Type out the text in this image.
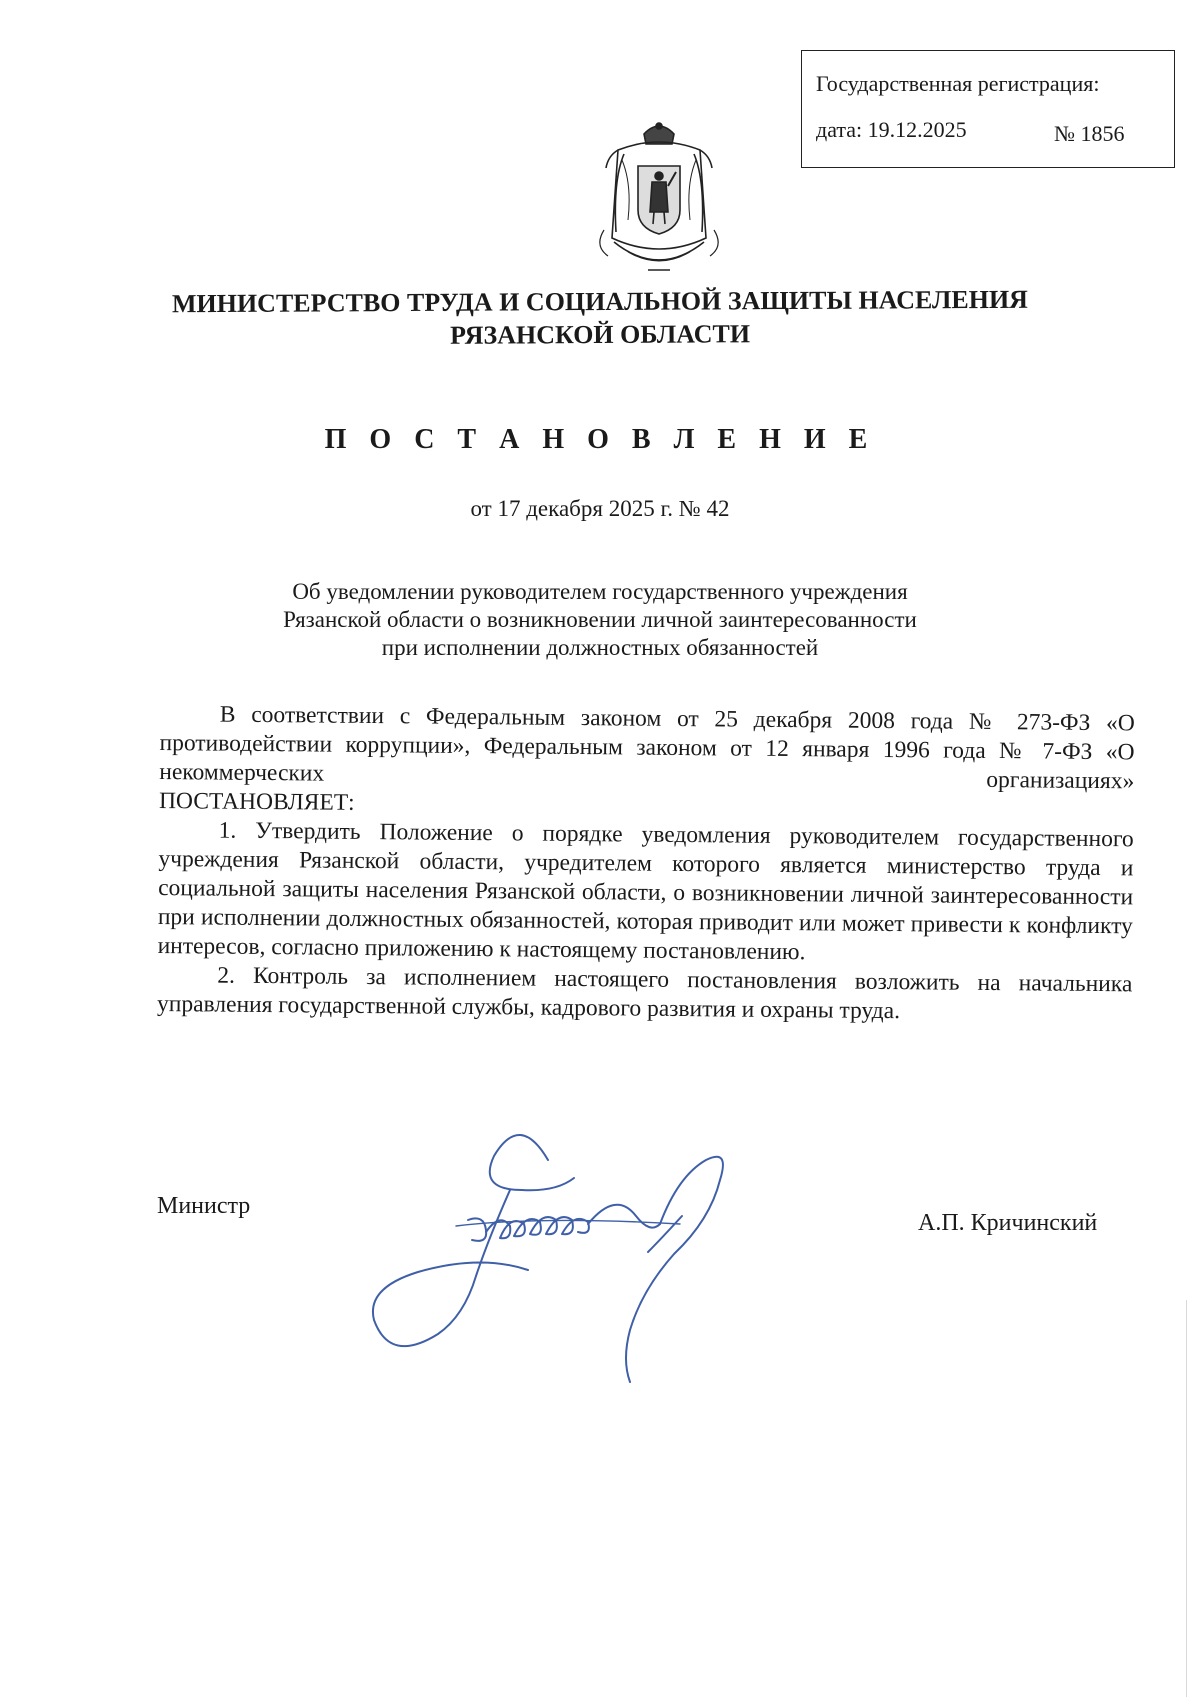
Государственная регистрация:
дата: 19.12.2025	№ 1856
МИНИСТЕРСТВО ТРУДА И СОЦИАЛЬНОЙ ЗАЩИТЫ НАСЕЛЕНИЯ
РЯЗАНСКОЙ ОБЛАСТИ
П О С Т А Н О В Л Е Н И Е
от 17 декабря 2025 г. № 42
Об уведомлении руководителем государственного учреждения
Рязанской области о возникновении личной заинтересованности
при исполнении должностных обязанностей

В соответствии с Федеральным законом от 25 декабря 2008 года № 273-ФЗ «О противодействии коррупции», Федеральным законом от 12 января 1996 года № 7-ФЗ «О некоммерческих организациях»

ПОСТАНОВЛЯЕТ:

1. Утвердить Положение о порядке уведомления руководителем государственного учреждения Рязанской области, учредителем которого является министерство труда и социальной защиты населения Рязанской области, о возникновении личной заинтересованности при исполнении должностных обязанностей, которая приводит или может привести к конфликту интересов, согласно приложению к настоящему постановлению.

2. Контроль за исполнением настоящего постановления возложить на начальника управления государственной службы, кадрового развития и охраны труда.

Министр
А.П. Кричинский
